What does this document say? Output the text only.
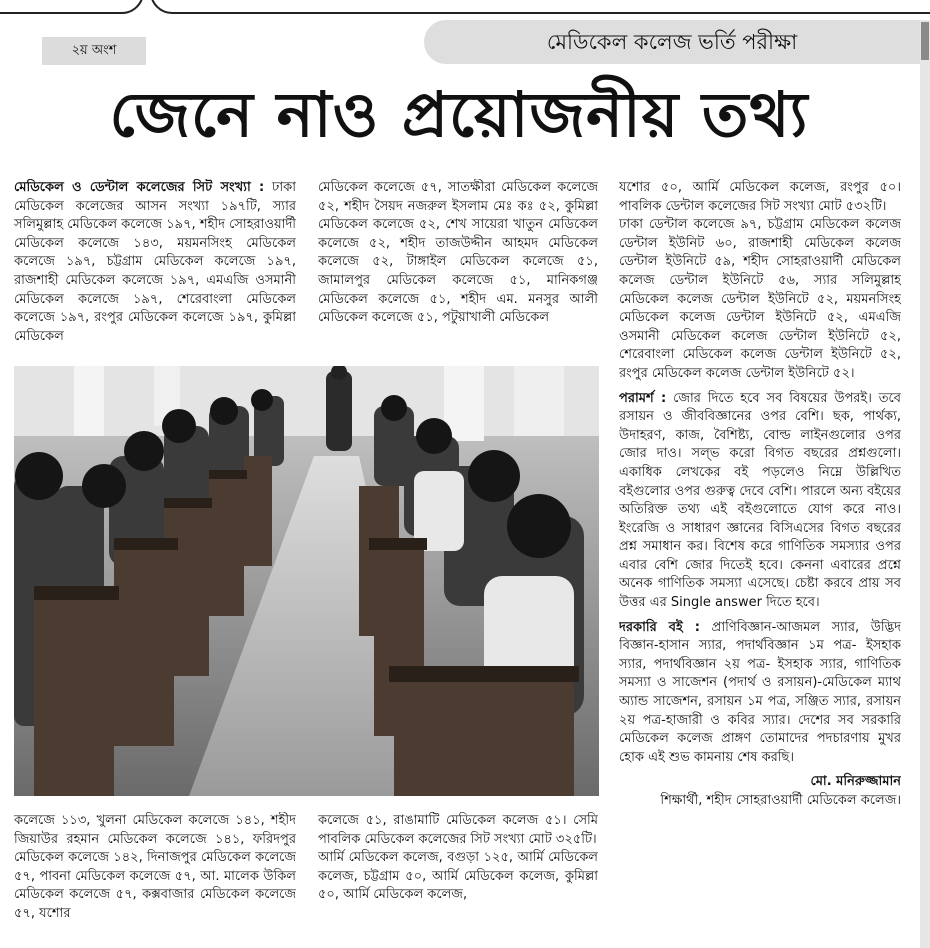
২য় অংশ	মেডিকেল কলেজ ভর্তি পরীক্ষা
জেনে নাও প্রয়োজনীয় তথ্য
মেডিকেল ও ডেন্টাল কলেজের সিট সংখ্যা : ঢাকা মেডিকেল কলেজের আসন সংখ্যা ১৯৭টি, স্যার সলিমুল্লাহ মেডিকেল কলেজে ১৯৭, শহীদ সোহরাওয়ার্দী মেডিকেল কলেজে ১৪৩, ময়মনসিংহ মেডিকেল কলেজে ১৯৭, চট্টগ্রাম মেডিকেল কলেজে ১৯৭, রাজশাহী মেডিকেল কলেজে ১৯৭, এমএজি ওসমানী মেডিকেল কলেজে ১৯৭, শেরেবাংলা মেডিকেল কলেজে ১৯৭, রংপুর মেডিকেল কলেজে ১৯৭, কুমিল্লা মেডিকেল
মেডিকেল কলেজে ৫৭, সাতক্ষীরা মেডিকেল কলেজে ৫২, শহীদ সৈয়দ নজরুল ইসলাম মেঃ কঃ ৫২, কুমিল্লা মেডিকেল কলেজে ৫২, শেখ সায়েরা খাতুন মেডিকেল কলেজে ৫২, শহীদ তাজউদ্দীন আহমদ মেডিকেল কলেজে ৫২, টাঙ্গাইল মেডিকেল কলেজে ৫১, জামালপুর মেডিকেল কলেজে ৫১, মানিকগঞ্জ মেডিকেল কলেজে ৫১, শহীদ এম. মনসুর আলী মেডিকেল কলেজে ৫১, পটুয়াখালী মেডিকেল
যশোর ৫০, আর্মি মেডিকেল কলেজ, রংপুর ৫০। পাবলিক ডেন্টাল কলেজের সিট সংখ্যা মোট ৫৩২টি।
ঢাকা ডেন্টাল কলেজে ৯৭, চট্টগ্রাম মেডিকেল কলেজ ডেন্টাল ইউনিট ৬০, রাজশাহী মেডিকেল কলেজ ডেন্টাল ইউনিটে ৫৯, শহীদ সোহরাওয়ার্দী মেডিকেল কলেজ ডেন্টাল ইউনিটে ৫৬, স্যার সলিমুল্লাহ মেডিকেল কলেজ ডেন্টাল ইউনিটে ৫২, ময়মনসিংহ মেডিকেল কলেজ ডেন্টাল ইউনিটে ৫২, এমএজি ওসমানী মেডিকেল কলেজ ডেন্টাল ইউনিটে ৫২, শেরেবাংলা মেডিকেল কলেজ ডেন্টাল ইউনিটে ৫২, রংপুর মেডিকেল কলেজ ডেন্টাল ইউনিটে ৫২।
পরামর্শ : জোর দিতে হবে সব বিষয়ের উপরই। তবে রসায়ন ও জীববিজ্ঞানের ওপর বেশি। ছক, পার্থক্য, উদাহরণ, কাজ, বৈশিষ্ট্য, বোল্ড লাইনগুলোর ওপর জোর দাও। সল্ভ করো বিগত বছরের প্রশ্নগুলো। একাধিক লেখকের বই পড়লেও নিম্নে উল্লিখিত বইগুলোর ওপর গুরুত্ব দেবে বেশি। পারলে অন্য বইয়ের অতিরিক্ত তথ্য এই বইগুলোতে যোগ করে নাও। ইংরেজি ও সাধারণ জ্ঞানের বিসিএসের বিগত বছরের প্রশ্ন সমাধান কর। বিশেষ করে গাণিতিক সমস্যার ওপর এবার বেশি জোর দিতেই হবে। কেননা এবারের প্রশ্নে অনেক গাণিতিক সমস্যা এসেছে। চেষ্টা করবে প্রায় সব উত্তর এর Single answer দিতে হবে।
দরকারি বই : প্রাণিবিজ্ঞান-আজমল স্যার, উদ্ভিদ বিজ্ঞান-হাসান স্যার, পদার্থবিজ্ঞান ১ম পত্র- ইসহাক স্যার, পদার্থবিজ্ঞান ২য় পত্র- ইসহাক স্যার, গাণিতিক সমস্যা ও সাজেশন (পদার্থ ও রসায়ন)-মেডিকেল ম্যাথ অ্যান্ড সাজেশন, রসায়ন ১ম পত্র, সঞ্জিত স্যার, রসায়ন ২য় পত্র-হাজারী ও কবির স্যার। দেশের সব সরকারি মেডিকেল কলেজ প্রাঙ্গণ তোমাদের পদচারণায় মুখর হোক এই শুভ কামনায় শেষ করছি।
মো. মনিরুজ্জামান
শিক্ষার্থী, শহীদ সোহরাওয়ার্দী মেডিকেল কলেজ।
কলেজে ১১৩, খুলনা মেডিকেল কলেজে ১৪১, শহীদ জিয়াউর রহমান মেডিকেল কলেজে ১৪১, ফরিদপুর মেডিকেল কলেজে ১৪২, দিনাজপুর মেডিকেল কলেজে ৫৭, পাবনা মেডিকেল কলেজে ৫৭, আ. মালেক উকিল মেডিকেল কলেজে ৫৭, কক্সবাজার মেডিকেল কলেজে ৫৭, যশোর
কলেজে ৫১, রাঙামাটি মেডিকেল কলেজ ৫১। সেমি পাবলিক মেডিকেল কলেজের সিট সংখ্যা মোট ৩২৫টি।
আর্মি মেডিকেল কলেজ, বগুড়া ১২৫, আর্মি মেডিকেল কলেজ, চট্টগ্রাম ৫০, আর্মি মেডিকেল কলেজ, কুমিল্লা ৫০, আর্মি মেডিকেল কলেজ,
